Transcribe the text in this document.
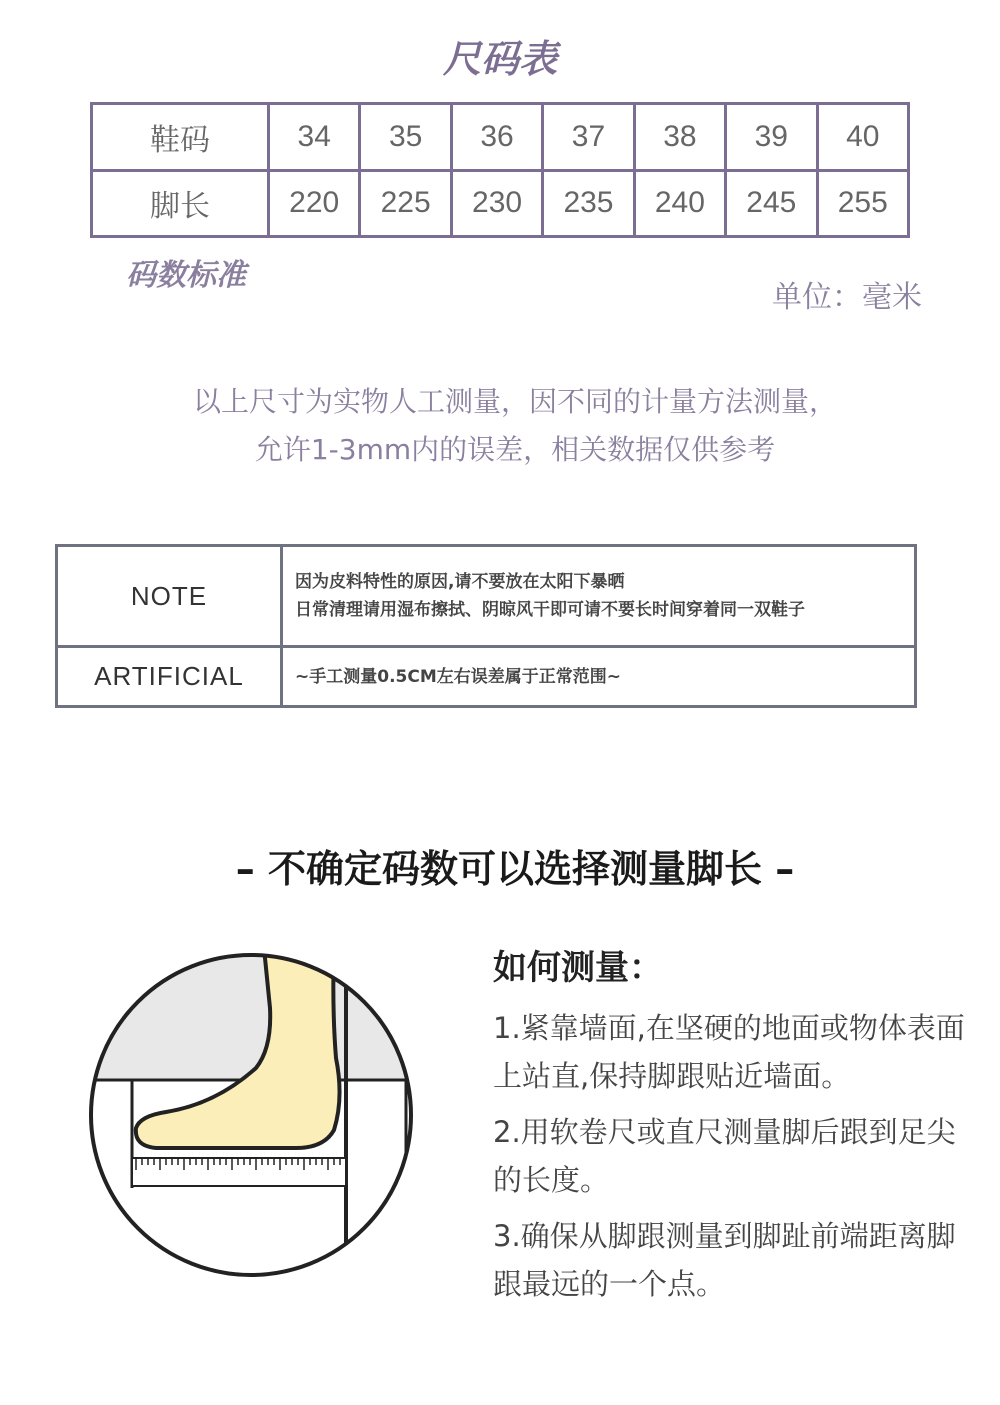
尺码表
鞋码	34	35	36	37	38	39	40
脚长	220	225	230	235	240	245	255
码数标准
单位：毫米
以上尺寸为实物人工测量，因不同的计量方法测量，
允许1-3mm内的误差，相关数据仅供参考
NOTE	因为皮料特性的原因,请不要放在太阳下暴晒
日常清理请用湿布擦拭、阴晾风干即可请不要长时间穿着同一双鞋子

ARTIFICIAL	~手工测量0.5CM左右误差属于正常范围~
– 不确定码数可以选择测量脚长 –
如何测量：
1.紧靠墙面,在坚硬的地面或物体表面上站直,保持脚跟贴近墙面。
2.用软卷尺或直尺测量脚后跟到足尖的长度。
3.确保从脚跟测量到脚趾前端距离脚跟最远的一个点。
